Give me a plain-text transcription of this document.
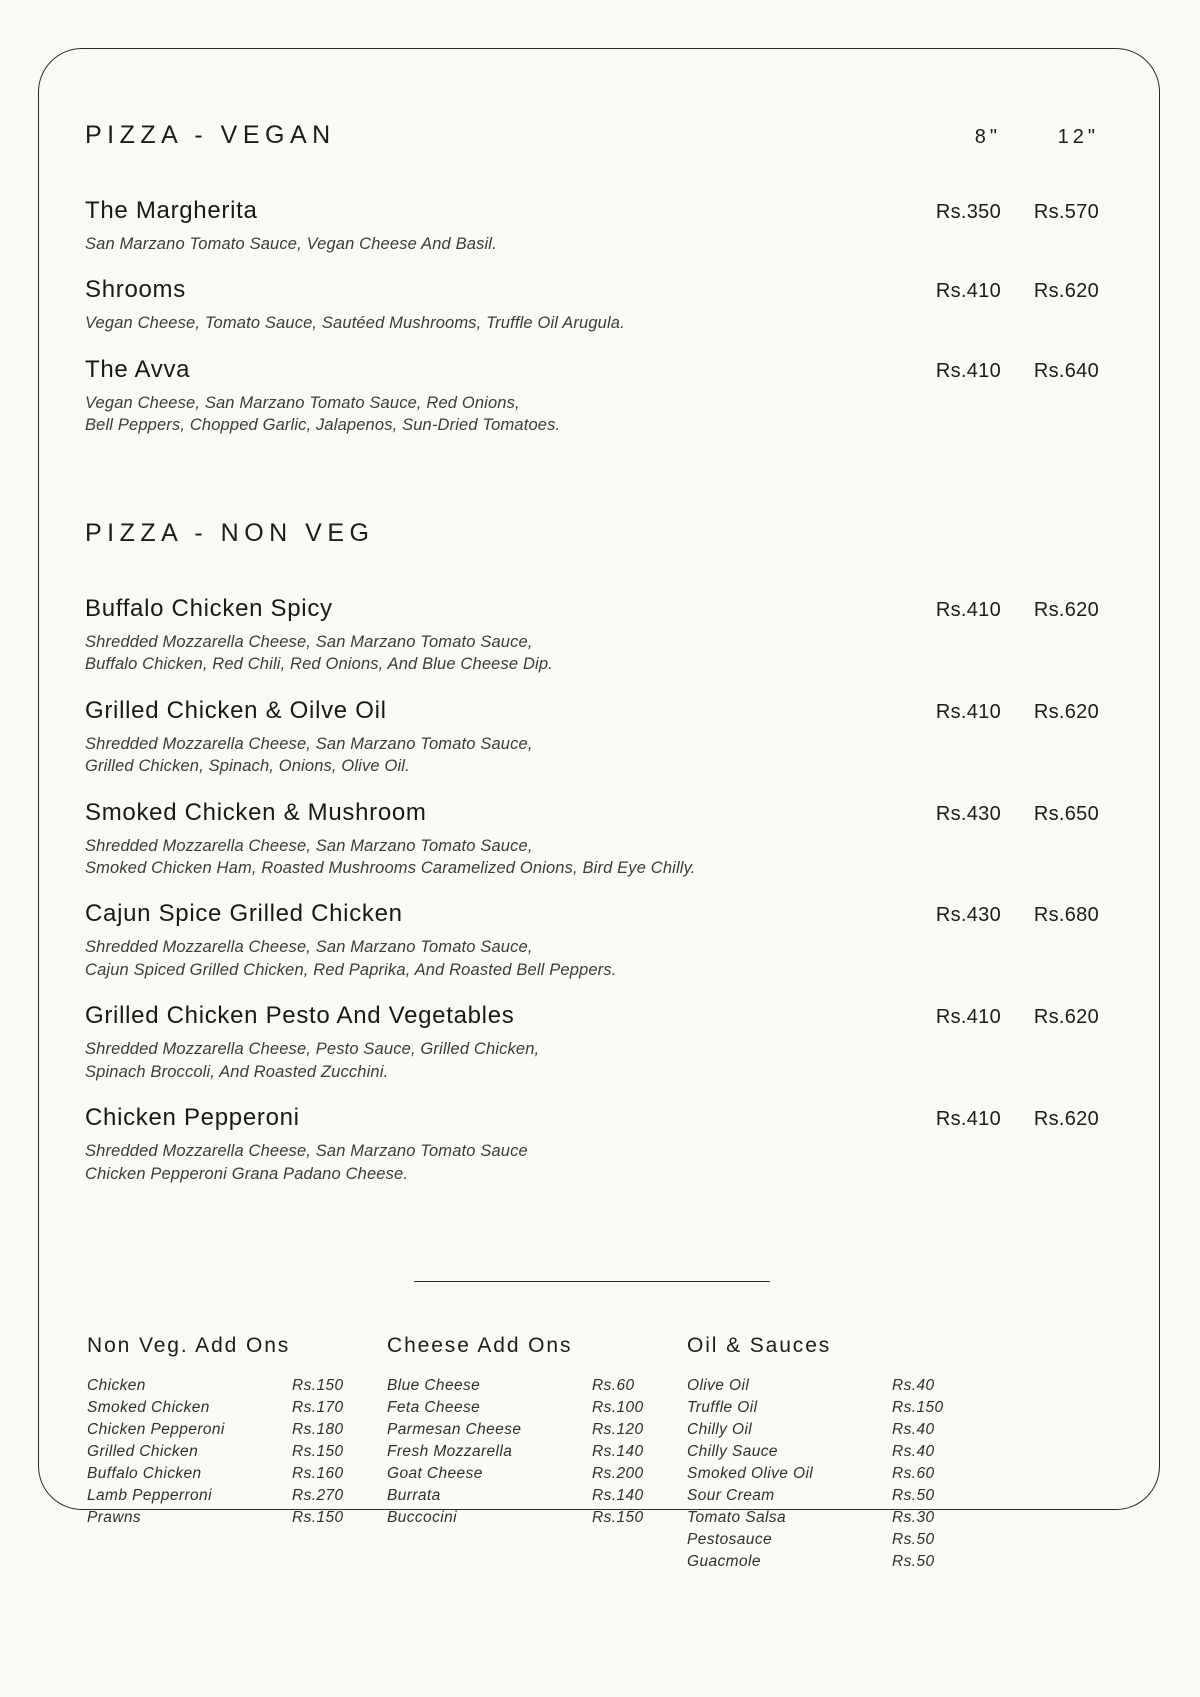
PIZZA - VEGAN	8"	12"
The Margherita	Rs.350	Rs.570
San Marzano Tomato Sauce, Vegan Cheese And Basil.
Shrooms	Rs.410	Rs.620
Vegan Cheese, Tomato Sauce, Sautéed Mushrooms, Truffle Oil Arugula.
The Avva	Rs.410	Rs.640
Vegan Cheese, San Marzano Tomato Sauce, Red Onions,
Bell Peppers, Chopped Garlic, Jalapenos, Sun-Dried Tomatoes.
PIZZA - NON VEG
Buffalo Chicken Spicy	Rs.410	Rs.620
Shredded Mozzarella Cheese, San Marzano Tomato Sauce,
Buffalo Chicken, Red Chili, Red Onions, And Blue Cheese Dip.
Grilled Chicken & Oilve Oil	Rs.410	Rs.620
Shredded Mozzarella Cheese, San Marzano Tomato Sauce,
Grilled Chicken, Spinach, Onions, Olive Oil.
Smoked Chicken & Mushroom	Rs.430	Rs.650
Shredded Mozzarella Cheese, San Marzano Tomato Sauce,
Smoked Chicken Ham, Roasted Mushrooms Caramelized Onions, Bird Eye Chilly.
Cajun Spice Grilled Chicken	Rs.430	Rs.680
Shredded Mozzarella Cheese, San Marzano Tomato Sauce,
Cajun Spiced Grilled Chicken, Red Paprika, And Roasted Bell Peppers.
Grilled Chicken Pesto And Vegetables	Rs.410	Rs.620
Shredded Mozzarella Cheese, Pesto Sauce, Grilled Chicken,
Spinach Broccoli, And Roasted Zucchini.
Chicken Pepperoni	Rs.410	Rs.620
Shredded Mozzarella Cheese, San Marzano Tomato Sauce
Chicken Pepperoni Grana Padano Cheese.
Non Veg. Add Ons
Chicken	Rs.150
Smoked Chicken	Rs.170
Chicken Pepperoni	Rs.180
Grilled Chicken	Rs.150
Buffalo Chicken	Rs.160
Lamb Pepperroni	Rs.270
Prawns	Rs.150
Cheese Add Ons
Blue Cheese	Rs.60
Feta Cheese	Rs.100
Parmesan Cheese	Rs.120
Fresh Mozzarella	Rs.140
Goat Cheese	Rs.200
Burrata	Rs.140
Buccocini	Rs.150
Oil & Sauces
Olive Oil	Rs.40
Truffle Oil	Rs.150
Chilly Oil	Rs.40
Chilly Sauce	Rs.40
Smoked Olive Oil	Rs.60
Sour Cream	Rs.50
Tomato Salsa	Rs.30
Pestosauce	Rs.50
Guacmole	Rs.50
